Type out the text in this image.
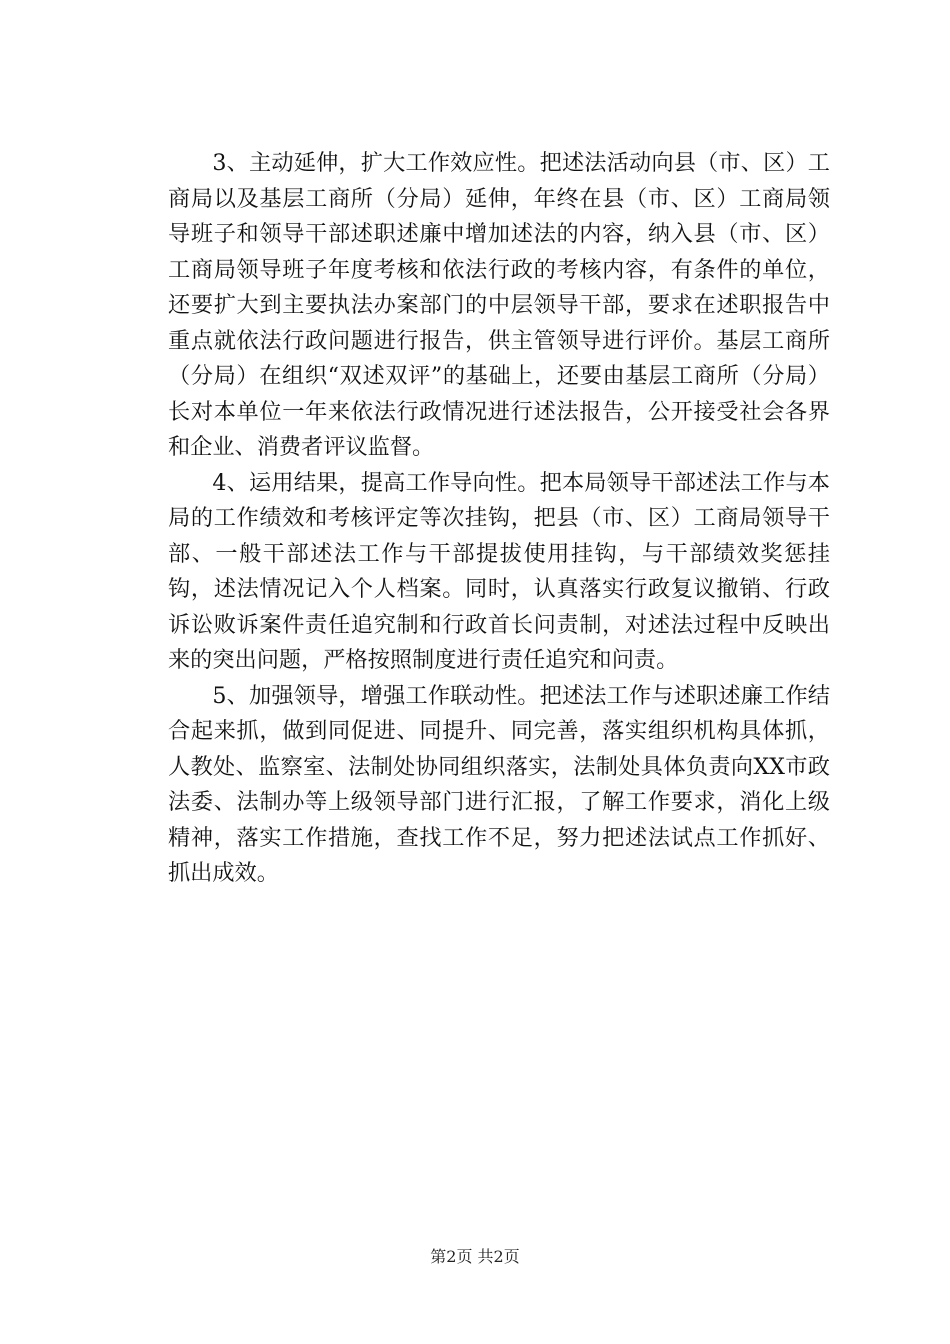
3、主动延伸，扩大工作效应性。把述法活动向县（市、区）工商局以及基层工商所（分局）延伸，年终在县（市、区）工商局领导班子和领导干部述职述廉中增加述法的内容，纳入县（市、区）工商局领导班子年度考核和依法行政的考核内容，有条件的单位，还要扩大到主要执法办案部门的中层领导干部，要求在述职报告中重点就依法行政问题进行报告，供主管领导进行评价。基层工商所（分局）在组织“双述双评”的基础上，还要由基层工商所（分局）长对本单位一年来依法行政情况进行述法报告，公开接受社会各界和企业、消费者评议监督。

4、运用结果，提高工作导向性。把本局领导干部述法工作与本局的工作绩效和考核评定等次挂钩，把县（市、区）工商局领导干部、一般干部述法工作与干部提拔使用挂钩，与干部绩效奖惩挂钩，述法情况记入个人档案。同时，认真落实行政复议撤销、行政诉讼败诉案件责任追究制和行政首长问责制，对述法过程中反映出来的突出问题，严格按照制度进行责任追究和问责。

5、加强领导，增强工作联动性。把述法工作与述职述廉工作结合起来抓，做到同促进、同提升、同完善，落实组织机构具体抓，人教处、监察室、法制处协同组织落实，法制处具体负责向XX市政法委、法制办等上级领导部门进行汇报，了解工作要求，消化上级精神，落实工作措施，查找工作不足，努力把述法试点工作抓好、抓出成效。

第2页 共2页
